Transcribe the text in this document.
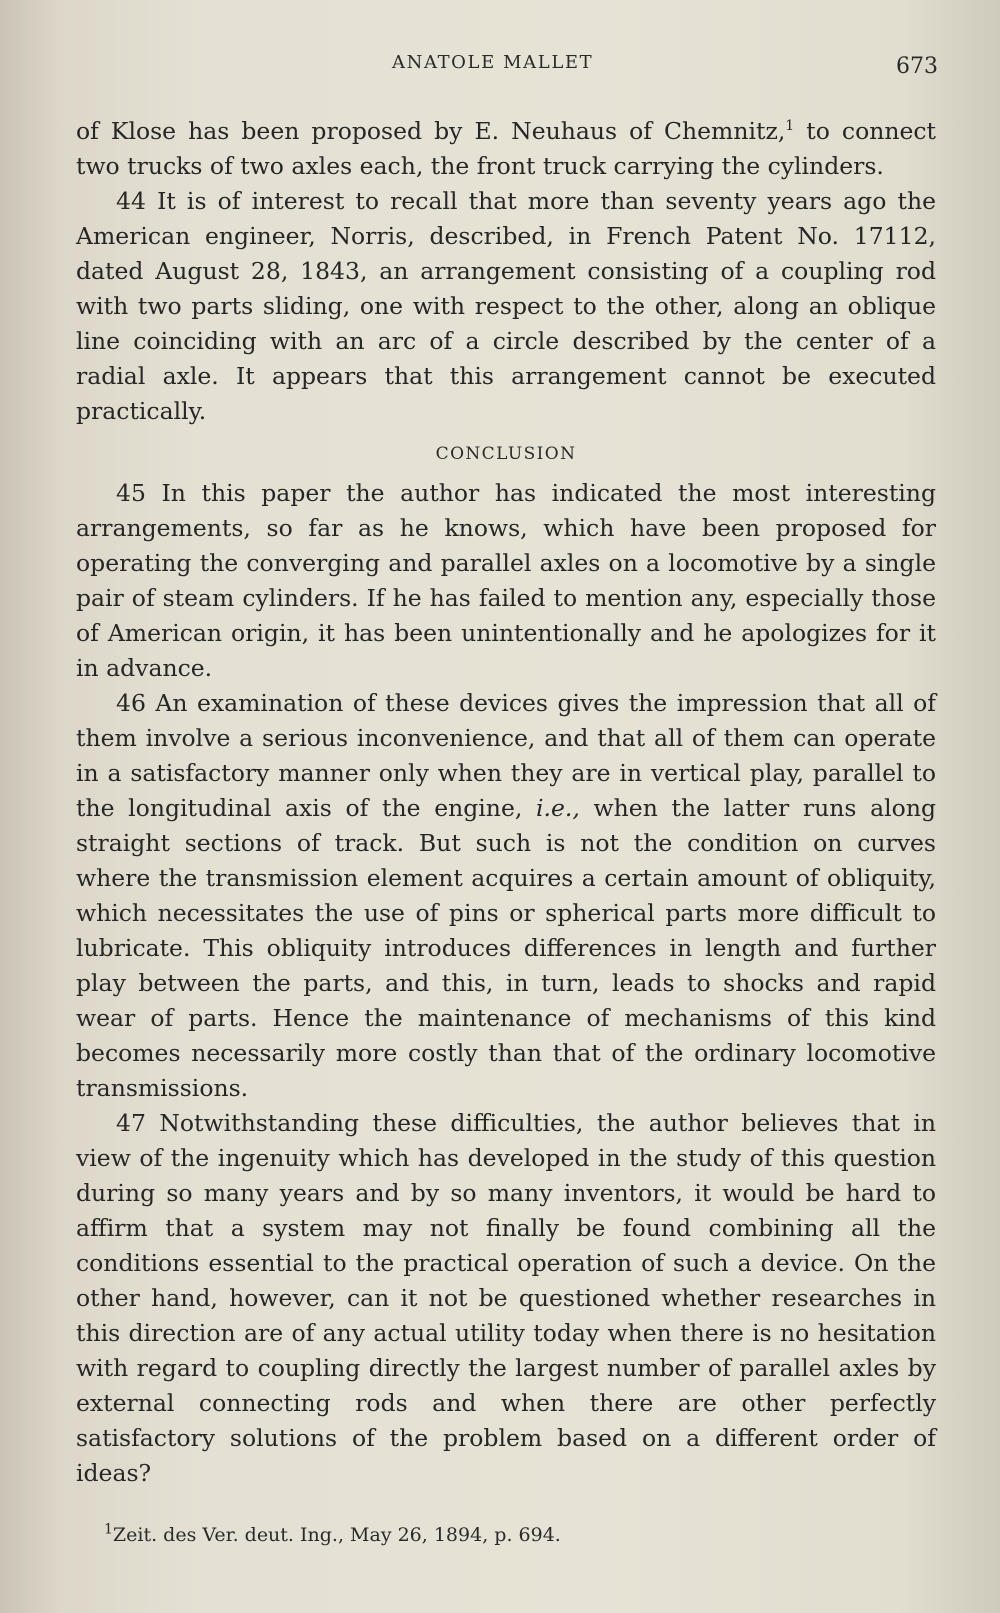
ANATOLE MALLET	673

of Klose has been proposed by E. Neuhaus of Chemnitz,$^1$ to connect two trucks of two axles each, the front truck carrying the cylinders.

44 It is of interest to recall that more than seventy years ago the American engineer, Norris, described, in French Patent No. 17112, dated August 28, 1843, an arrangement consisting of a coupling rod with two parts sliding, one with respect to the other, along an oblique line coinciding with an arc of a circle described by the center of a radial axle. It appears that this arrangement cannot be executed practically.

CONCLUSION

45 In this paper the author has indicated the most interesting arrangements, so far as he knows, which have been proposed for operating the converging and parallel axles on a locomotive by a single pair of steam cylinders. If he has failed to mention any, especially those of American origin, it has been unintentionally and he apologizes for it in advance.

46 An examination of these devices gives the impression that all of them involve a serious inconvenience, and that all of them can operate in a satisfactory manner only when they are in vertical play, parallel to the longitudinal axis of the engine, i.e., when the latter runs along straight sections of track. But such is not the condition on curves where the transmission element acquires a certain amount of obliquity, which necessitates the use of pins or spherical parts more difficult to lubricate. This obliquity introduces differences in length and further play between the parts, and this, in turn, leads to shocks and rapid wear of parts. Hence the maintenance of mechanisms of this kind becomes necessarily more costly than that of the ordinary locomotive transmissions.

47 Notwithstanding these difficulties, the author believes that in view of the ingenuity which has developed in the study of this question during so many years and by so many inventors, it would be hard to affirm that a system may not finally be found combining all the conditions essential to the practical operation of such a device. On the other hand, however, can it not be questioned whether researches in this direction are of any actual utility today when there is no hesitation with regard to coupling directly the largest number of parallel axles by external connecting rods and when there are other perfectly satisfactory solutions of the problem based on a different order of ideas?

$^1$Zeit. des Ver. deut. Ing., May 26, 1894, p. 694.
